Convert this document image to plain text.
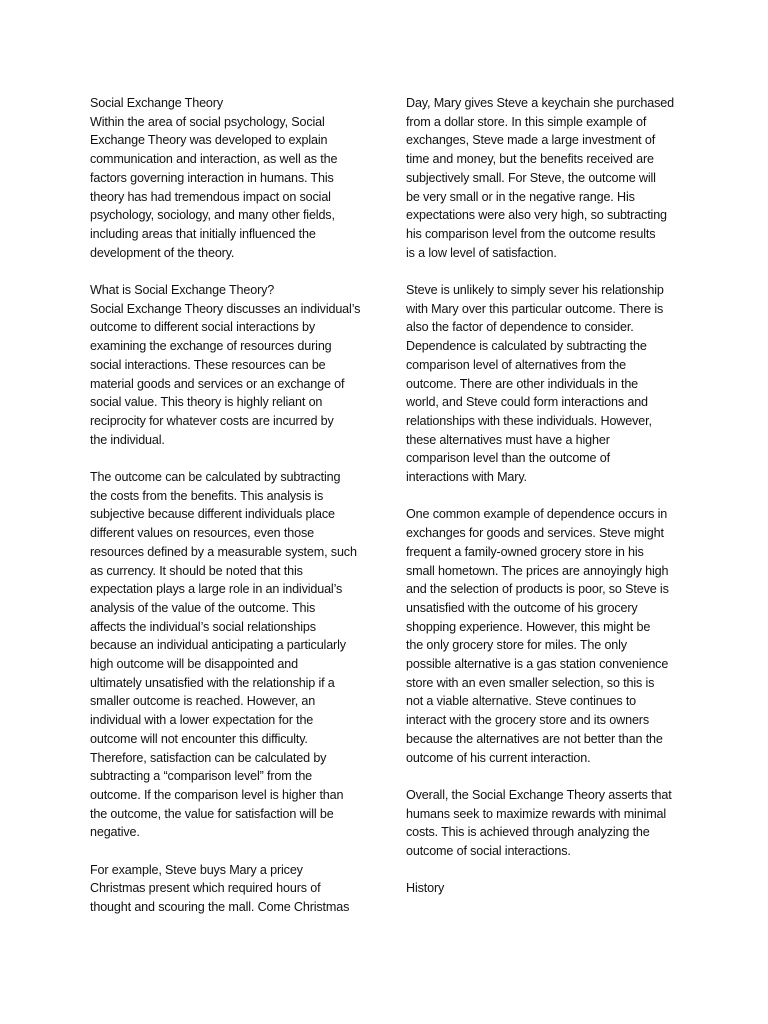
Social Exchange Theory

Within the area of social psychology, Social
Exchange Theory was developed to explain
communication and interaction, as well as the
factors governing interaction in humans. This
theory has had tremendous impact on social
psychology, sociology, and many other fields,
including areas that initially influenced the
development of the theory.

What is Social Exchange Theory?

Social Exchange Theory discusses an individual’s
outcome to different social interactions by
examining the exchange of resources during
social interactions. These resources can be
material goods and services or an exchange of
social value. This theory is highly reliant on
reciprocity for whatever costs are incurred by
the individual.

The outcome can be calculated by subtracting
the costs from the benefits. This analysis is
subjective because different individuals place
different values on resources, even those
resources defined by a measurable system, such
as currency. It should be noted that this
expectation plays a large role in an individual’s
analysis of the value of the outcome. This
affects the individual’s social relationships
because an individual anticipating a particularly
high outcome will be disappointed and
ultimately unsatisfied with the relationship if a
smaller outcome is reached. However, an
individual with a lower expectation for the
outcome will not encounter this difficulty.
Therefore, satisfaction can be calculated by
subtracting a “comparison level” from the
outcome. If the comparison level is higher than
the outcome, the value for satisfaction will be
negative.

For example, Steve buys Mary a pricey
Christmas present which required hours of
thought and scouring the mall. Come Christmas

Day, Mary gives Steve a keychain she purchased
from a dollar store. In this simple example of
exchanges, Steve made a large investment of
time and money, but the benefits received are
subjectively small. For Steve, the outcome will
be very small or in the negative range. His
expectations were also very high, so subtracting
his comparison level from the outcome results
is a low level of satisfaction.

Steve is unlikely to simply sever his relationship
with Mary over this particular outcome. There is
also the factor of dependence to consider.
Dependence is calculated by subtracting the
comparison level of alternatives from the
outcome. There are other individuals in the
world, and Steve could form interactions and
relationships with these individuals. However,
these alternatives must have a higher
comparison level than the outcome of
interactions with Mary.

One common example of dependence occurs in
exchanges for goods and services. Steve might
frequent a family-owned grocery store in his
small hometown. The prices are annoyingly high
and the selection of products is poor, so Steve is
unsatisfied with the outcome of his grocery
shopping experience. However, this might be
the only grocery store for miles. The only
possible alternative is a gas station convenience
store with an even smaller selection, so this is
not a viable alternative. Steve continues to
interact with the grocery store and its owners
because the alternatives are not better than the
outcome of his current interaction.

Overall, the Social Exchange Theory asserts that
humans seek to maximize rewards with minimal
costs. This is achieved through analyzing the
outcome of social interactions.

History
